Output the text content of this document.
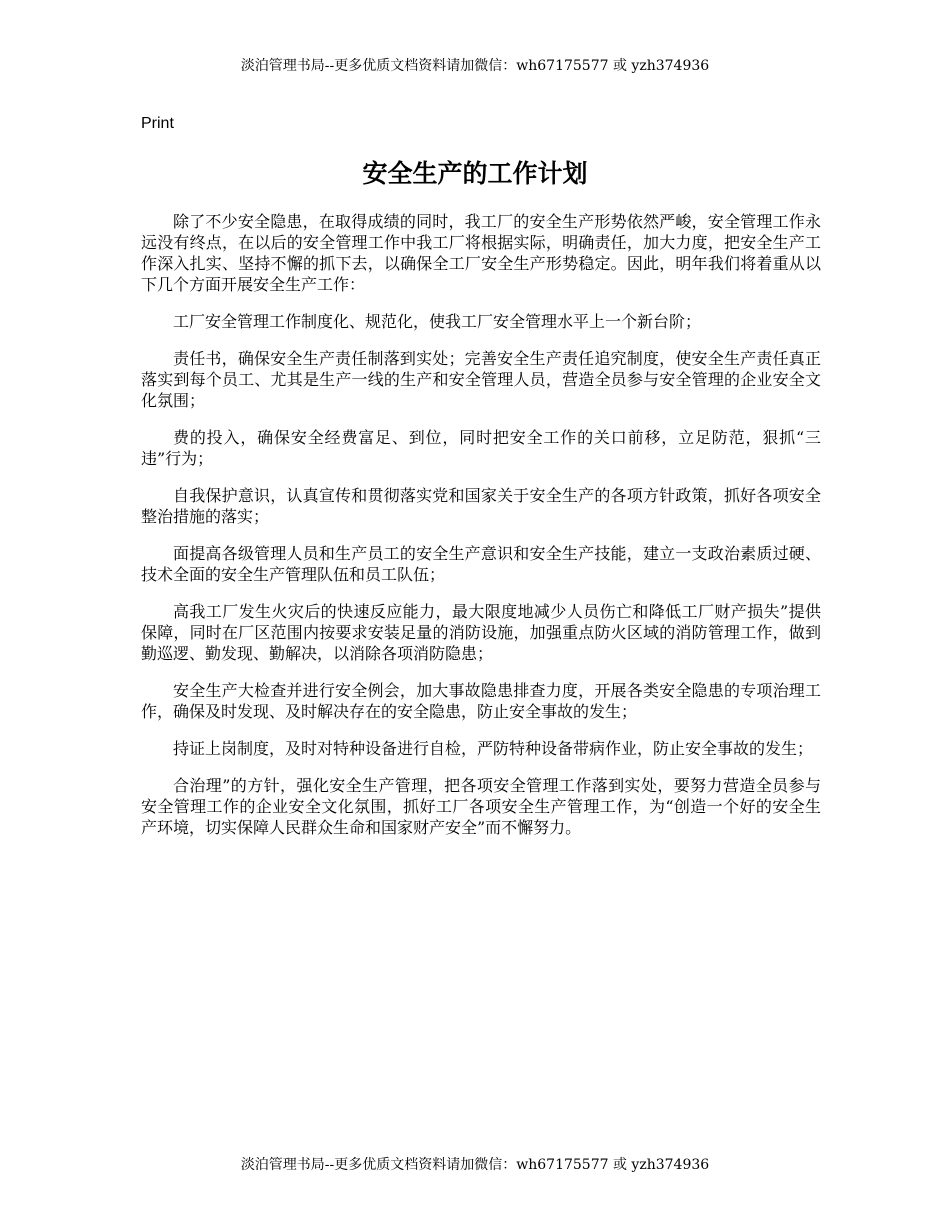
淡泊管理书局--更多优质文档资料请加微信：wh67175577 或 yzh374936
Print
安全生产的工作计划

除了不少安全隐患，在取得成绩的同时，我工厂的安全生产形势依然严峻，安全管理工作永远没有终点，在以后的安全管理工作中我工厂将根据实际，明确责任，加大力度，把安全生产工作深入扎实、坚持不懈的抓下去，以确保全工厂安全生产形势稳定。因此，明年我们将着重从以下几个方面开展安全生产工作：

工厂安全管理工作制度化、规范化，使我工厂安全管理水平上一个新台阶；

责任书，确保安全生产责任制落到实处；完善安全生产责任追究制度，使安全生产责任真正落实到每个员工、尤其是生产一线的生产和安全管理人员，营造全员参与安全管理的企业安全文化氛围；

费的投入，确保安全经费富足、到位，同时把安全工作的关口前移，立足防范，狠抓“三违”行为；

自我保护意识，认真宣传和贯彻落实党和国家关于安全生产的各项方针政策，抓好各项安全整治措施的落实；

面提高各级管理人员和生产员工的安全生产意识和安全生产技能，建立一支政治素质过硬、技术全面的安全生产管理队伍和员工队伍；

高我工厂发生火灾后的快速反应能力，最大限度地减少人员伤亡和降低工厂财产损失”提供保障，同时在厂区范围内按要求安装足量的消防设施，加强重点防火区域的消防管理工作，做到勤巡逻、勤发现、勤解决，以消除各项消防隐患；

安全生产大检查并进行安全例会，加大事故隐患排查力度，开展各类安全隐患的专项治理工作，确保及时发现、及时解决存在的安全隐患，防止安全事故的发生；

持证上岗制度，及时对特种设备进行自检，严防特种设备带病作业，防止安全事故的发生；

合治理”的方针，强化安全生产管理，把各项安全管理工作落到实处，要努力营造全员参与安全管理工作的企业安全文化氛围，抓好工厂各项安全生产管理工作，为“创造一个好的安全生产环境，切实保障人民群众生命和国家财产安全”而不懈努力。

淡泊管理书局--更多优质文档资料请加微信：wh67175577 或 yzh374936
